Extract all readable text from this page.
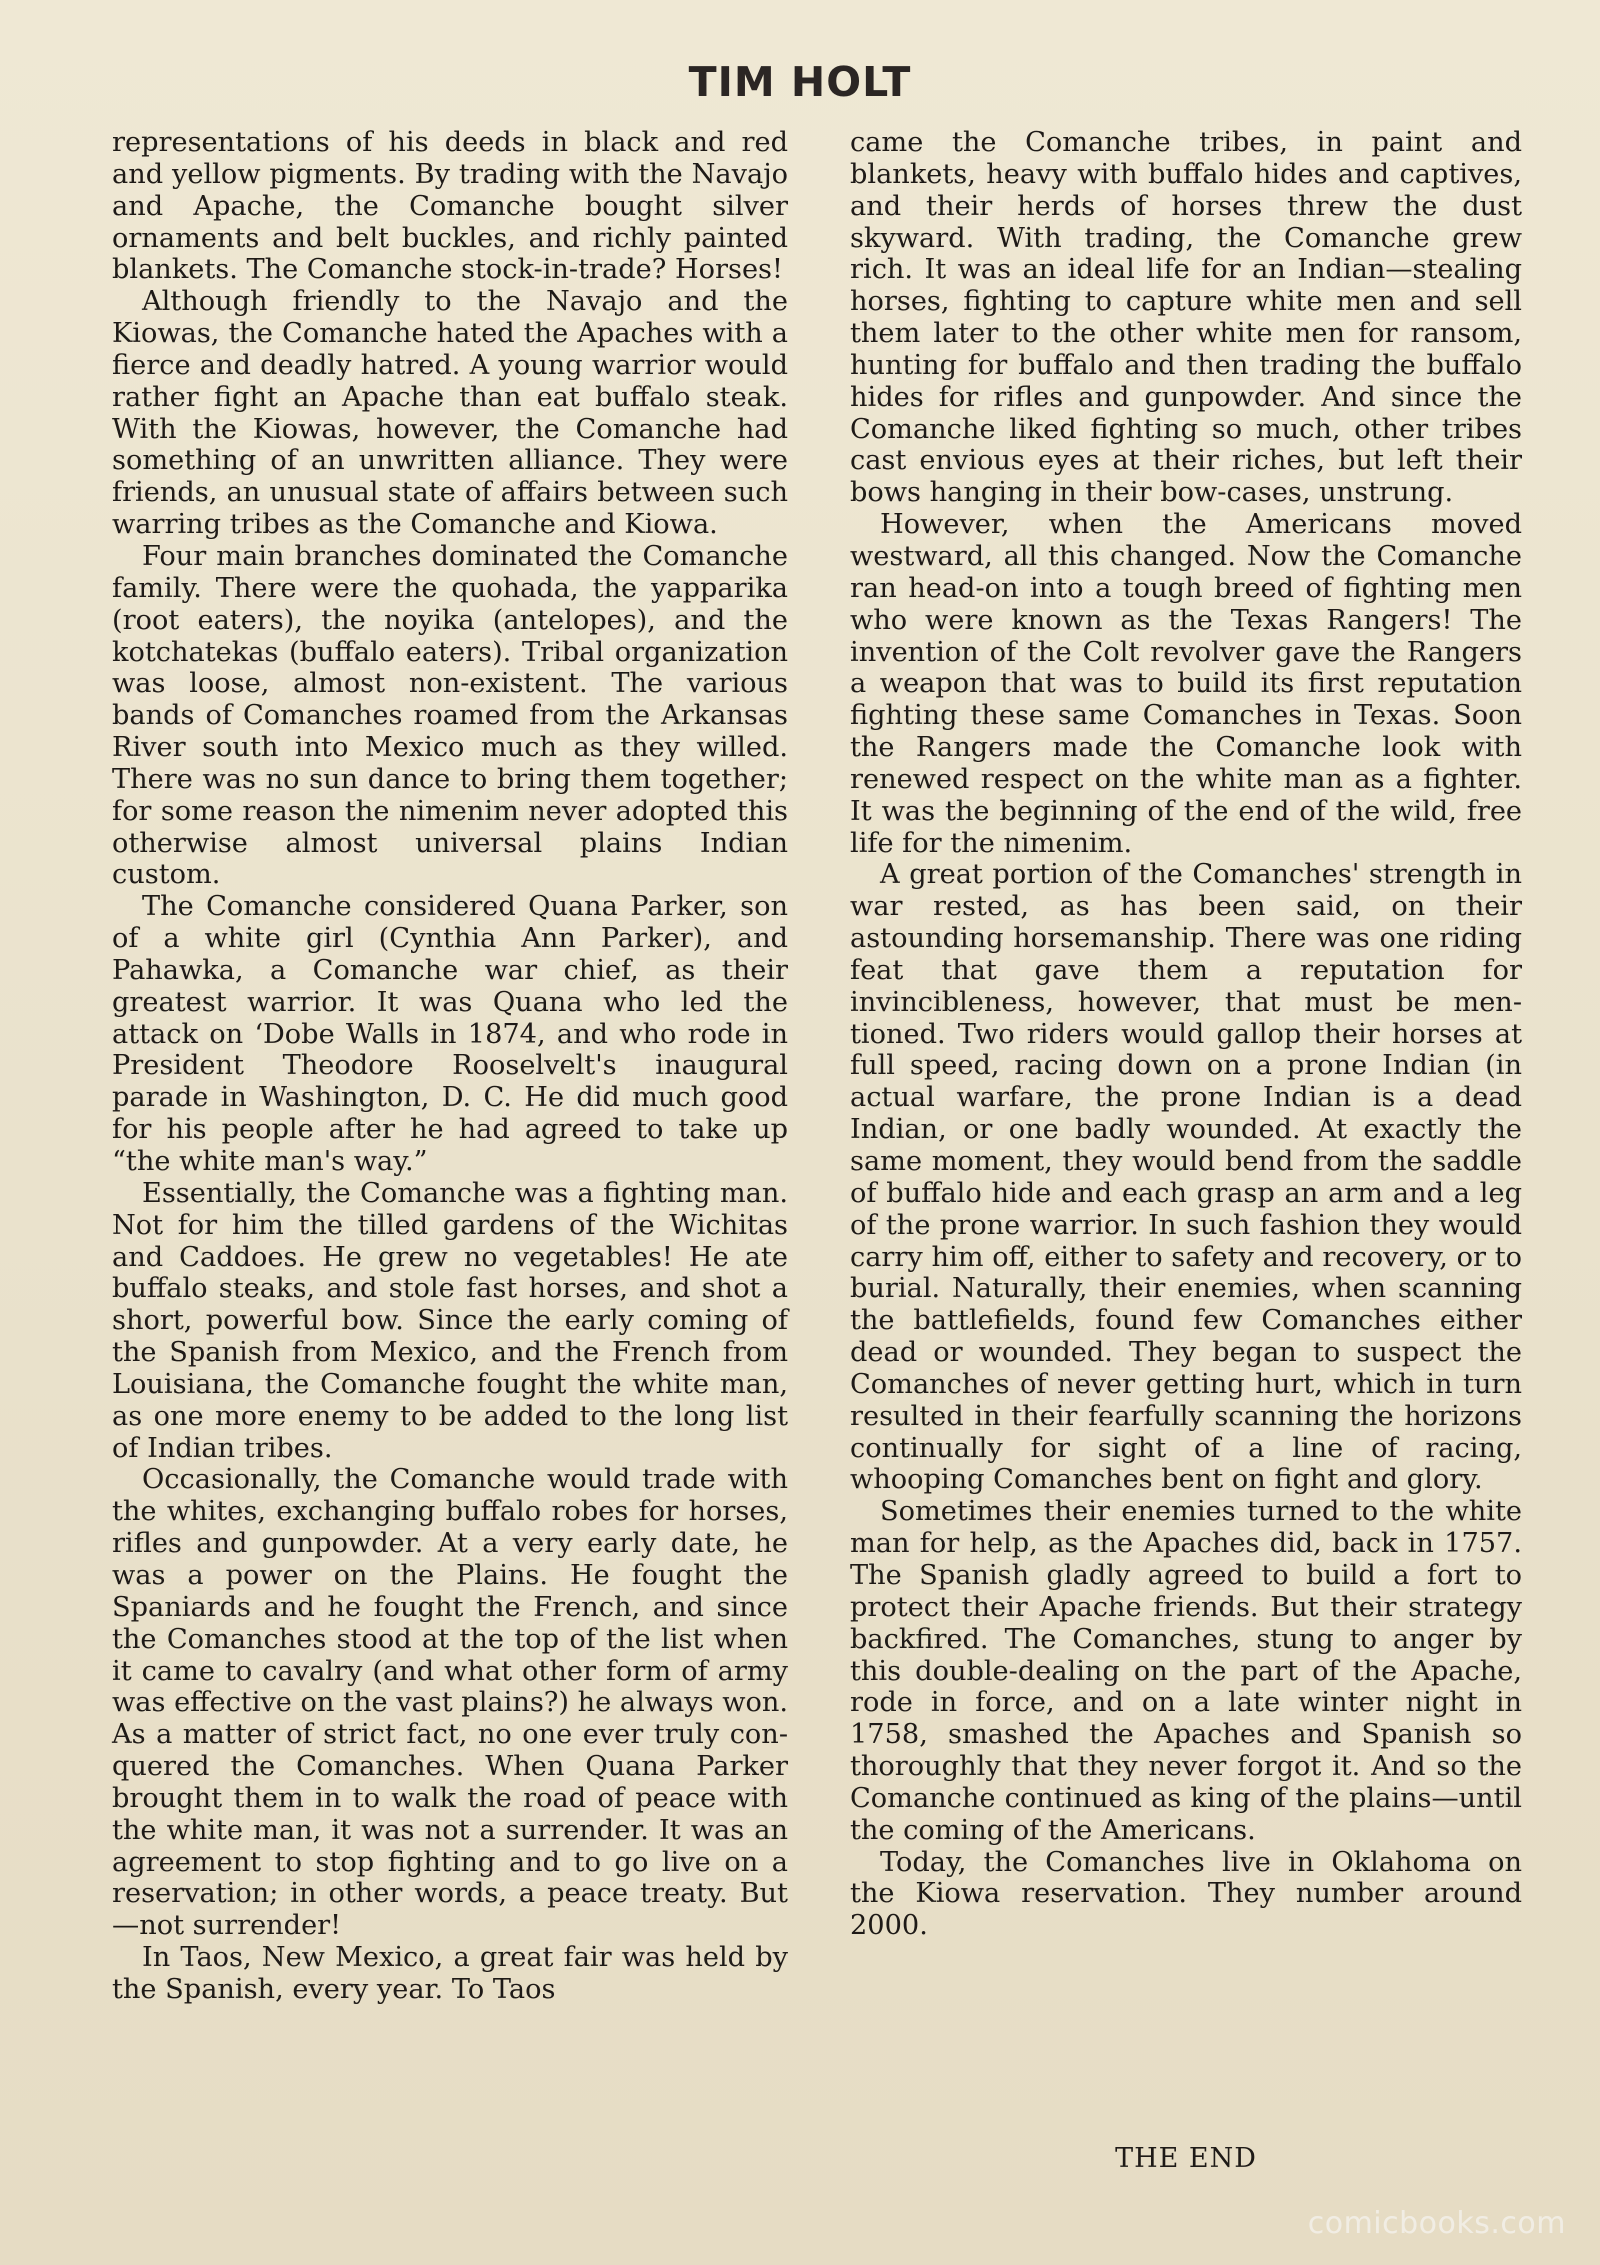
TIM HOLT

representations of his deeds in black and red and yellow pigments. By trading with the Navajo and Apache, the Comanche bought silver ornaments and belt buckles, and richly painted blankets. The Comanche stock-in-trade? Horses!

Although friendly to the Navajo and the Kiowas, the Comanche hated the Apaches with a fierce and deadly hatred. A young warrior would rather fight an Apache than eat buffalo steak. With the Kiowas, however, the Comanche had something of an unwritten alliance. They were friends, an unusual state of affairs between such warring tribes as the Comanche and Kiowa.

Four main branches dominated the Comanche family. There were the quohada, the yapparika (root eaters), the noyika (antelopes), and the kotchatekas (buffalo eaters). Tribal organization was loose, almost non-existent. The various bands of Comanches roamed from the Arkansas River south into Mexico much as they willed. There was no sun dance to bring them together; for some reason the nimenim never adopted this otherwise almost universal plains Indian custom.

The Comanche considered Quana Parker, son of a white girl (Cynthia Ann Parker), and Pahawka, a Comanche war chief, as their greatest warrior. It was Quana who led the attack on ‘Dobe Walls in 1874, and who rode in President Theodore Rooselvelt's inaugural parade in Washington, D. C. He did much good for his people after he had agreed to take up “the white man's way.”

Essentially, the Comanche was a fighting man. Not for him the tilled gardens of the Wichitas and Caddoes. He grew no vegetables! He ate buffalo steaks, and stole fast horses, and shot a short, powerful bow. Since the early coming of the Spanish from Mexico, and the French from Louisiana, the Comanche fought the white man, as one more enemy to be added to the long list of Indian tribes.

Occasionally, the Comanche would trade with the whites, exchanging buffalo robes for horses, rifles and gunpowder. At a very early date, he was a power on the Plains. He fought the Spaniards and he fought the French, and since the Comanches stood at the top of the list when it came to cavalry (and what other form of army was effective on the vast plains?) he always won. As a matter of strict fact, no one ever truly conquered the Comanches. When Quana Parker brought them in to walk the road of peace with the white man, it was not a surrender. It was an agreement to stop fighting and to go live on a reservation; in other words, a peace treaty. But—not surrender!

In Taos, New Mexico, a great fair was held by the Spanish, every year. To Taos

came the Comanche tribes, in paint and blankets, heavy with buffalo hides and captives, and their herds of horses threw the dust skyward. With trading, the Comanche grew rich. It was an ideal life for an Indian—stealing horses, fighting to capture white men and sell them later to the other white men for ransom, hunting for buffalo and then trading the buffalo hides for rifles and gunpowder. And since the Comanche liked fighting so much, other tribes cast envious eyes at their riches, but left their bows hanging in their bow-cases, unstrung.

However, when the Americans moved westward, all this changed. Now the Comanche ran head-on into a tough breed of fighting men who were known as the Texas Rangers! The invention of the Colt revolver gave the Rangers a weapon that was to build its first reputation fighting these same Comanches in Texas. Soon the Rangers made the Comanche look with renewed respect on the white man as a fighter. It was the beginning of the end of the wild, free life for the nimenim.

A great portion of the Comanches' strength in war rested, as has been said, on their astounding horsemanship. There was one riding feat that gave them a reputation for invincibleness, however, that must be mentioned. Two riders would gallop their horses at full speed, racing down on a prone Indian (in actual warfare, the prone Indian is a dead Indian, or one badly wounded. At exactly the same moment, they would bend from the saddle of buffalo hide and each grasp an arm and a leg of the prone warrior. In such fashion they would carry him off, either to safety and recovery, or to burial. Naturally, their enemies, when scanning the battlefields, found few Comanches either dead or wounded. They began to suspect the Comanches of never getting hurt, which in turn resulted in their fearfully scanning the horizons continually for sight of a line of racing, whooping Comanches bent on fight and glory.

Sometimes their enemies turned to the white man for help, as the Apaches did, back in 1757. The Spanish gladly agreed to build a fort to protect their Apache friends. But their strategy backfired. The Comanches, stung to anger by this double-dealing on the part of the Apache, rode in force, and on a late winter night in 1758, smashed the Apaches and Spanish so thoroughly that they never forgot it. And so the Comanche continued as king of the plains—until the coming of the Americans.

Today, the Comanches live in Oklahoma on the Kiowa reservation. They number around 2000.

THE END

comicbooks.com
